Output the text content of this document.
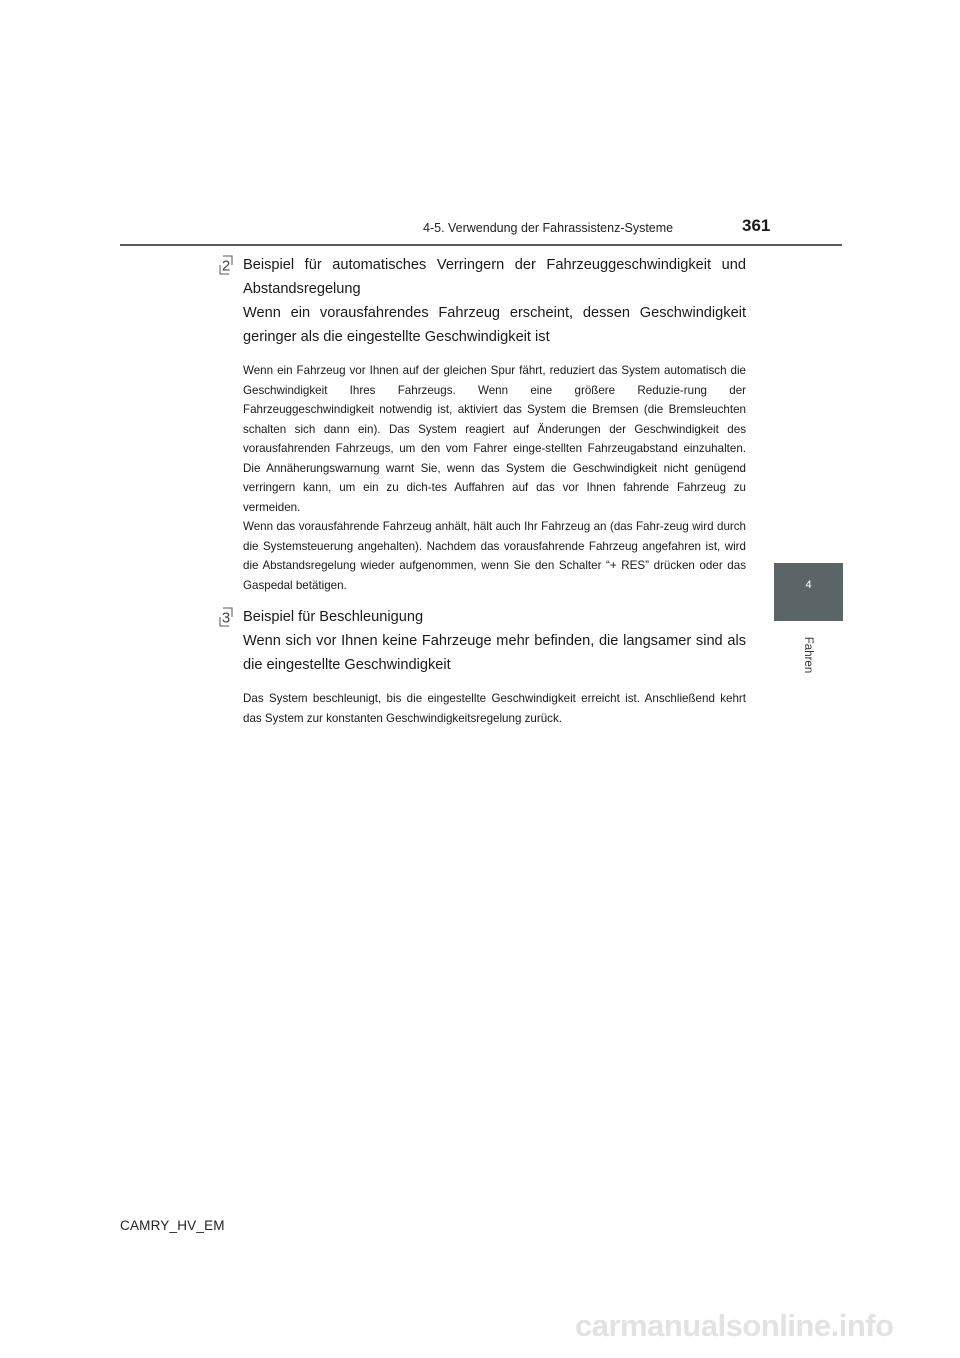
4-5. Verwendung der Fahrassistenz-Systeme	361
4
Fahren
2 Beispiel für automatisches Verringern der Fahrzeuggeschwindigkeit und Abstandsregelung
Wenn ein vorausfahrendes Fahrzeug erscheint, dessen Geschwindigkeit geringer als die eingestellte Geschwindigkeit ist

Wenn ein Fahrzeug vor Ihnen auf der gleichen Spur fährt, reduziert das System automatisch die Geschwindigkeit Ihres Fahrzeugs. Wenn eine größere Reduzie-rung der Fahrzeuggeschwindigkeit notwendig ist, aktiviert das System die Bremsen (die Bremsleuchten schalten sich dann ein). Das System reagiert auf Änderungen der Geschwindigkeit des vorausfahrenden Fahrzeugs, um den vom Fahrer einge-stellten Fahrzeugabstand einzuhalten. Die Annäherungswarnung warnt Sie, wenn das System die Geschwindigkeit nicht genügend verringern kann, um ein zu dich-tes Auffahren auf das vor Ihnen fahrende Fahrzeug zu vermeiden.

Wenn das vorausfahrende Fahrzeug anhält, hält auch Ihr Fahrzeug an (das Fahr-zeug wird durch die Systemsteuerung angehalten). Nachdem das vorausfahrende Fahrzeug angefahren ist, wird die Abstandsregelung wieder aufgenommen, wenn Sie den Schalter “+ RES” drücken oder das Gaspedal betätigen.

3 Beispiel für Beschleunigung
Wenn sich vor Ihnen keine Fahrzeuge mehr befinden, die langsamer sind als die eingestellte Geschwindigkeit

Das System beschleunigt, bis die eingestellte Geschwindigkeit erreicht ist. Anschließend kehrt das System zur konstanten Geschwindigkeitsregelung zurück.

CAMRY_HV_EM
carmanualsonline.info
